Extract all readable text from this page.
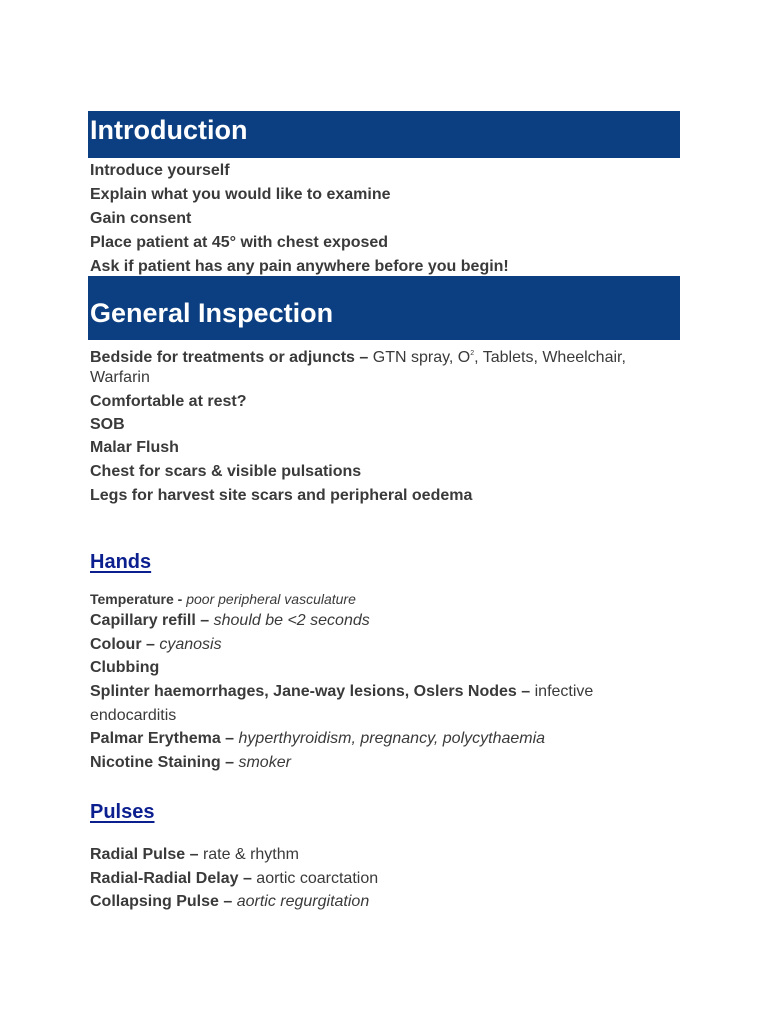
Introduction
Introduce yourself
Explain what you would like to examine
Gain consent
Place patient at 45° with chest exposed
Ask if patient has any pain anywhere before you begin!
General Inspection
Bedside for treatments or adjuncts – GTN spray, $O^2$, Tablets, Wheelchair,
Warfarin
Comfortable at rest?
SOB
Malar Flush
Chest for scars & visible pulsations
Legs for harvest site scars and peripheral oedema
Hands
Temperature - poor peripheral vasculature
Capillary refill – should be <2 seconds
Colour – cyanosis
Clubbing
Splinter haemorrhages, Jane-way lesions, Oslers Nodes – infective
endocarditis
Palmar Erythema – hyperthyroidism, pregnancy, polycythaemia
Nicotine Staining – smoker
Pulses
Radial Pulse – rate & rhythm
Radial-Radial Delay – aortic coarctation
Collapsing Pulse – aortic regurgitation
